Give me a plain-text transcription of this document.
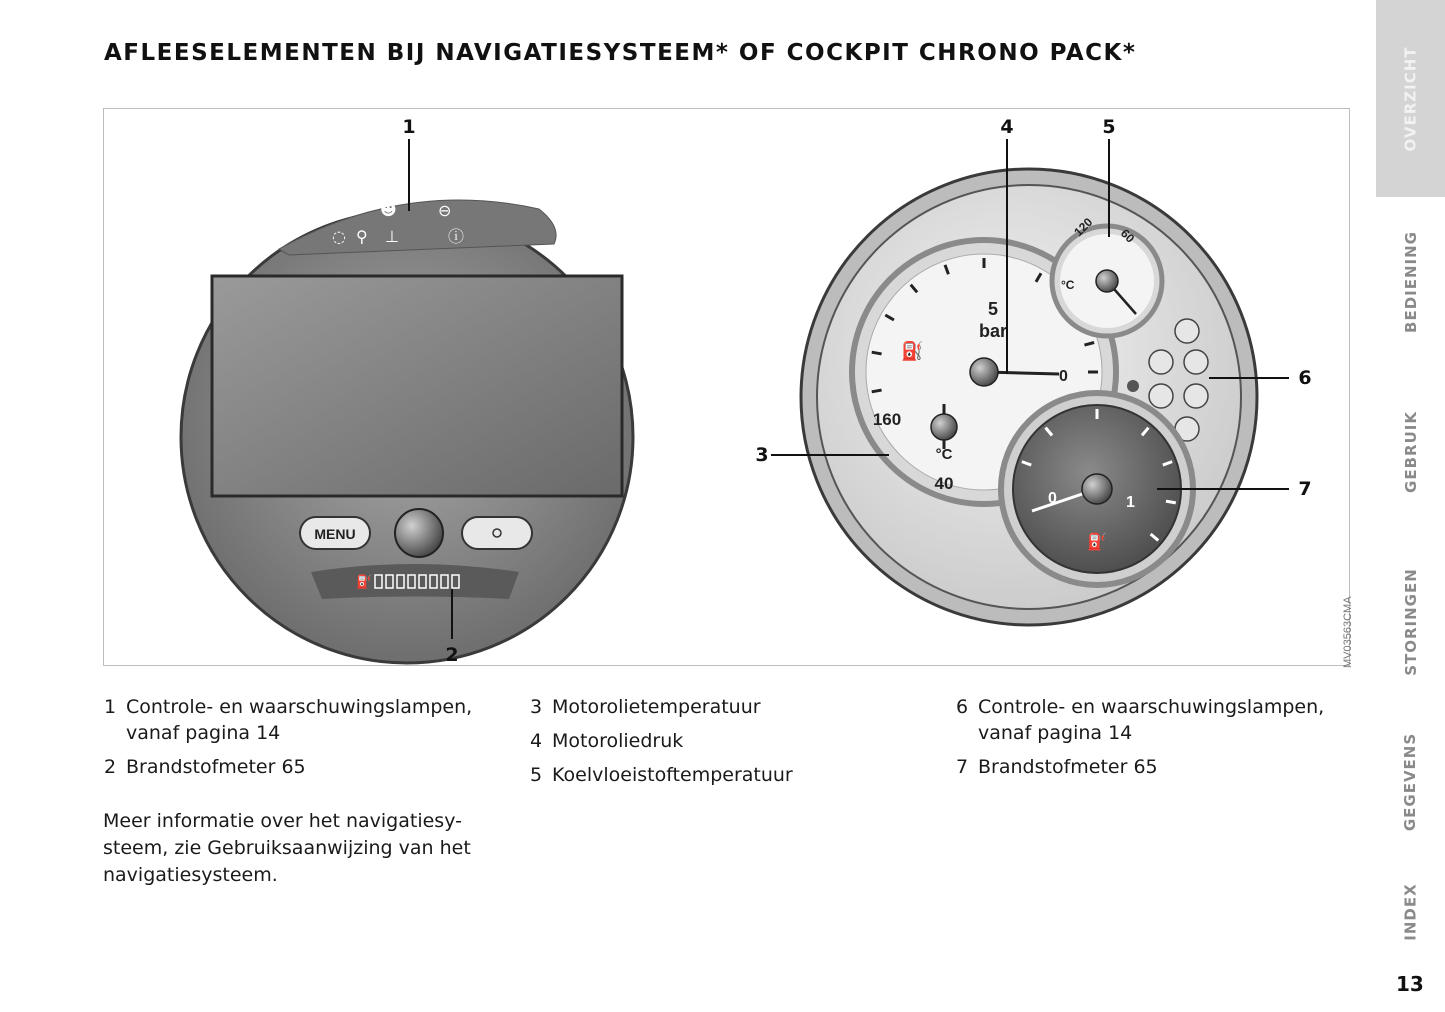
AFLEESELEMENTEN BIJ NAVIGATIESYSTEEM* OF COCKPIT CHRONO PACK*
◌ ⚲
☻
⊥
⊖
ⓘ
MENU
⛽
5
bar
0
160
40
°C
⛽
120 60
°C
0	1
⛽
1
2
3
4	5
6
7
MV03563CMA
1 Controle- en waarschuwingslampen,
vanaf pagina 14
2 Brandstofmeter 65
3 Motorolietemperatuur
4 Motoroliedruk
5 Koelvloeistoftemperatuur
6 Controle- en waarschuwingslampen,
vanaf pagina 14
7 Brandstofmeter 65
Meer informatie over het navigatiesy-
steem, zie Gebruiksaanwijzing van het
navigatiesysteem.
OVERZICHT
BEDIENING
GEBRUIK
STORINGEN
GEGEVENS
INDEX
13
